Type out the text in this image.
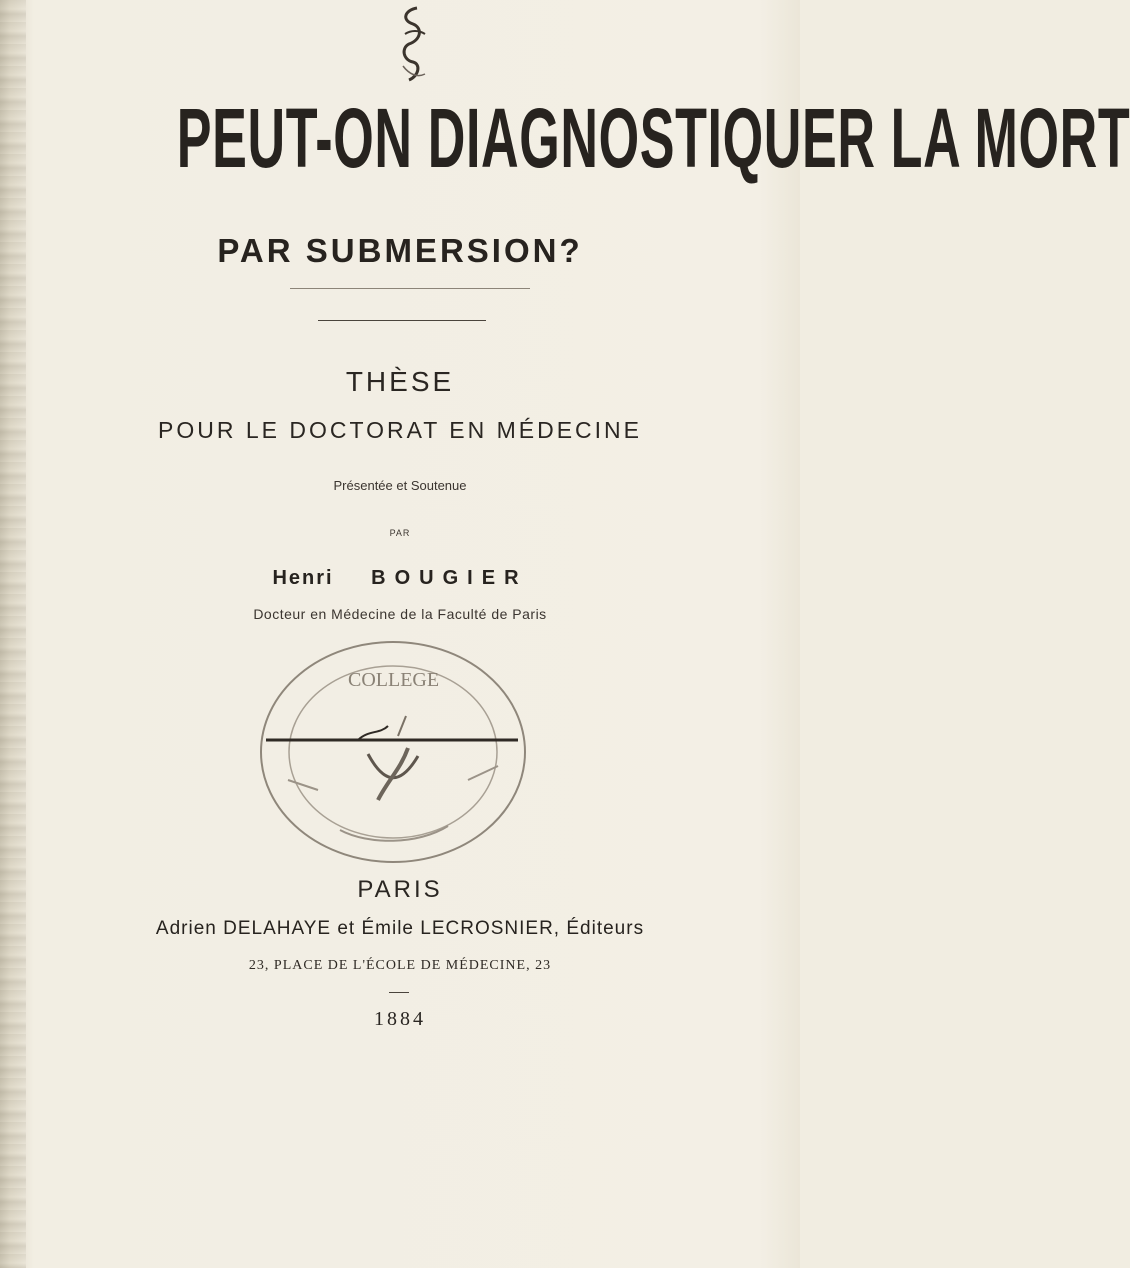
PEUT-ON DIAGNOSTIQUER LA MORT
PAR SUBMERSION?
THÈSE
POUR LE DOCTORAT EN MÉDECINE
Présentée et Soutenue
PAR
Henri BOUGIER
Docteur en Médecine de la Faculté de Paris
COLLEGE
PARIS
Adrien DELAHAYE et Émile LECROSNIER, Éditeurs
23, PLACE DE L'ÉCOLE DE MÉDECINE, 23
1884
